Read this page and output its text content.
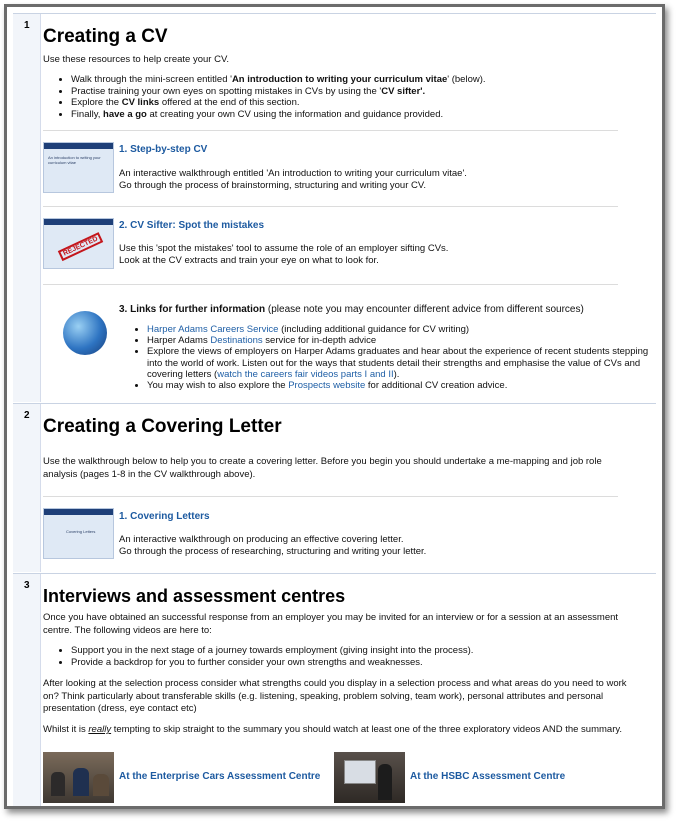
1
Creating a CV
Use these resources to help create your CV.
• Walk through the mini-screen entitled 'An introduction to writing your curriculum vitae' (below).
• Practise training your own eyes on spotting mistakes in CVs by using the 'CV sifter'.
• Explore the CV links offered at the end of this section.
• Finally, have a go at creating your own CV using the information and guidance provided.
An introduction to writing your curriculum vitae
1. Step-by-step CV
An interactive walkthrough entitled 'An introduction to writing your curriculum vitae'.
Go through the process of brainstorming, structuring and writing your CV.
REJECTED
2. CV Sifter: Spot the mistakes
Use this 'spot the mistakes' tool to assume the role of an employer sifting CVs.
Look at the CV extracts and train your eye on what to look for.
3. Links for further information (please note you may encounter different advice from different sources)
• Harper Adams Careers Service (including additional guidance for CV writing)
• Harper Adams Destinations service for in-depth advice
• Explore the views of employers on Harper Adams graduates and hear about the experience of recent students stepping into the world of work. Listen out for the ways that students detail their strengths and emphasise the value of CVs and covering letters (watch the careers fair videos parts I and II).
• You may wish to also explore the Prospects website for additional CV creation advice.
2
Creating a Covering Letter
Use the walkthrough below to help you to create a covering letter. Before you begin you should undertake a me-mapping and job role analysis (pages 1-8 in the CV walkthrough above).
Covering Letters
1. Covering Letters
An interactive walkthrough on producing an effective covering letter.
Go through the process of researching, structuring and writing your letter.
3
Interviews and assessment centres
Once you have obtained an successful response from an employer you may be invited for an interview or for a session at an assessment centre. The following videos are here to:
• Support you in the next stage of a journey towards employment (giving insight into the process).
• Provide a backdrop for you to further consider your own strengths and weaknesses.
After looking at the selection process consider what strengths could you display in a selection process and what areas do you need to work on? Think particularly about transferable skills (e.g. listening, speaking, problem solving, team work), personal attributes and personal presentation (dress, eye contact etc)
Whilst it is really tempting to skip straight to the summary you should watch at least one of the three exploratory videos AND the summary.
At the Enterprise Cars Assessment Centre	At the HSBC Assessment Centre
